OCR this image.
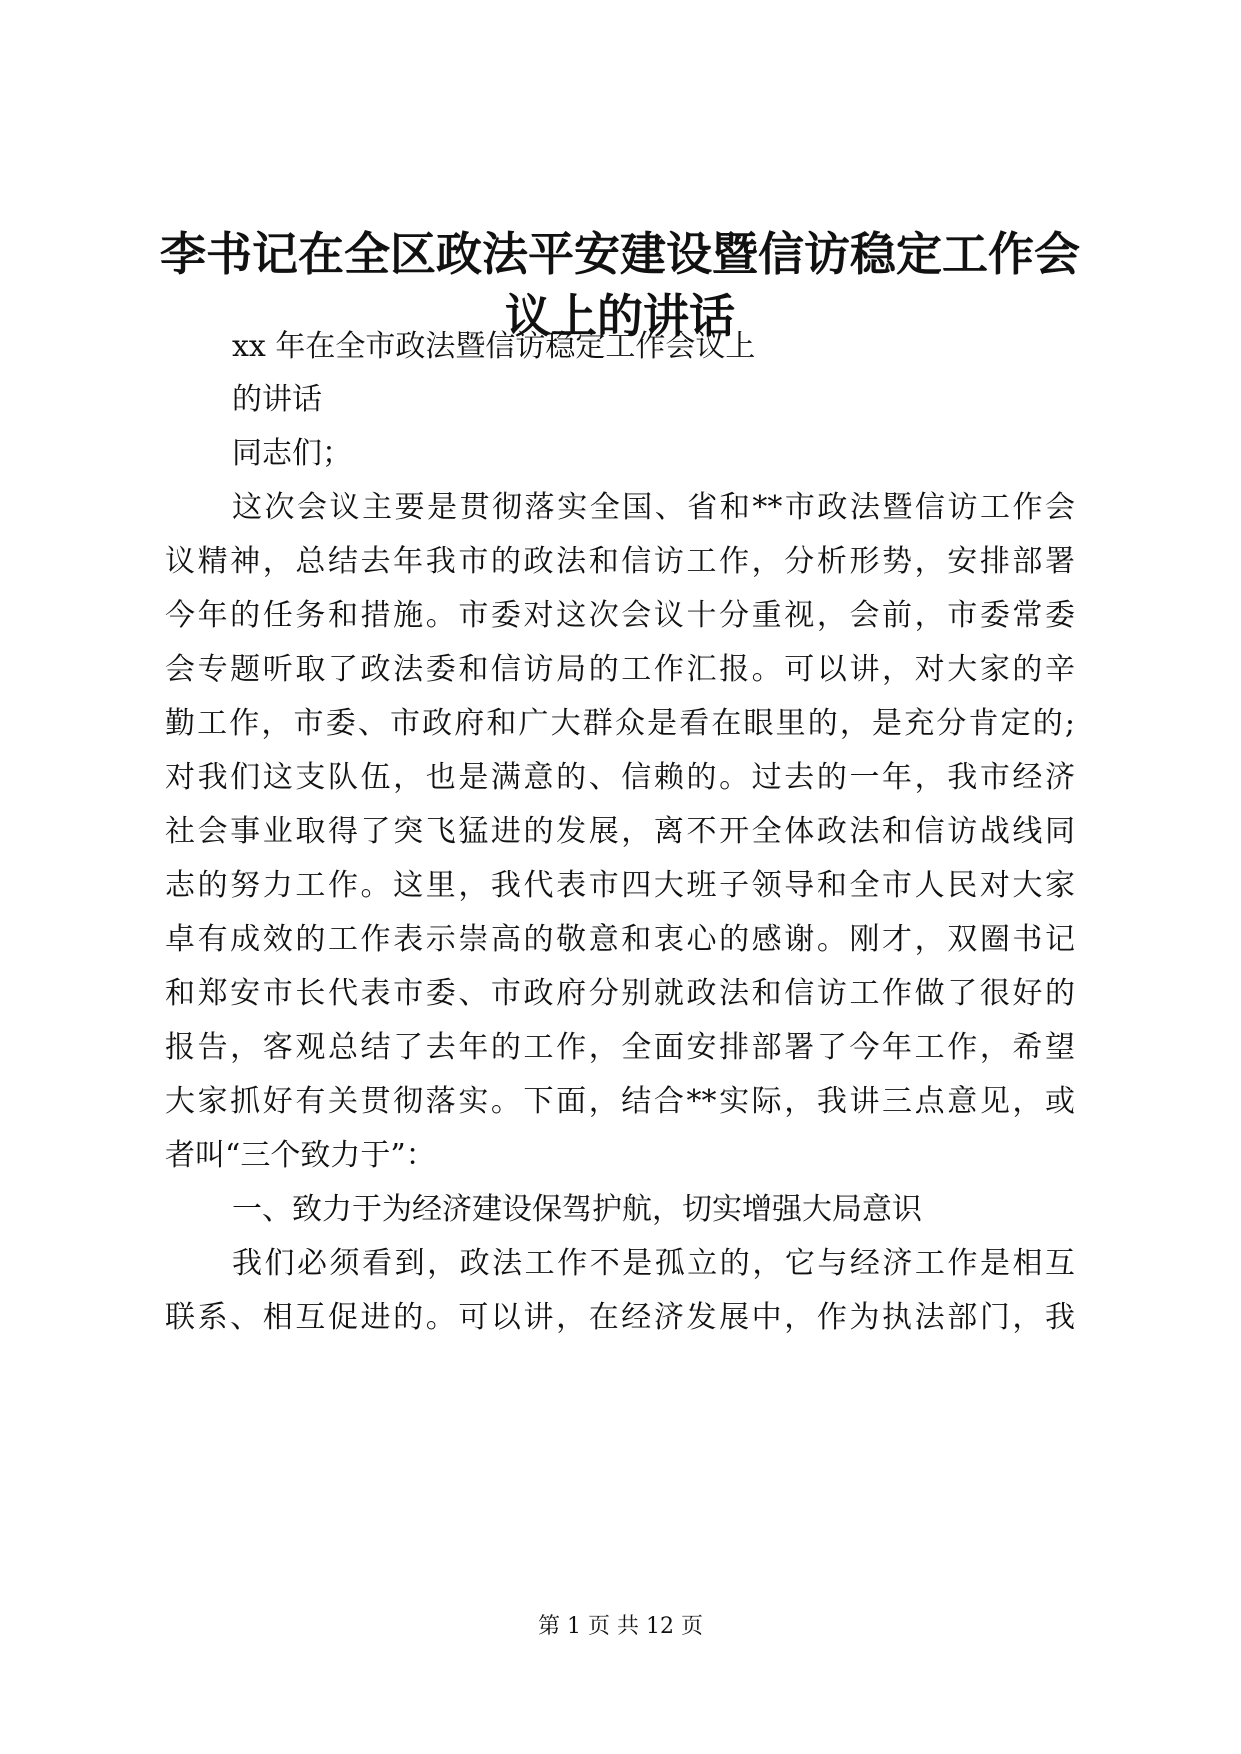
李书记在全区政法平安建设暨信访稳定工作会
议上的讲话

xx 年在全市政法暨信访稳定工作会议上

的讲话

同志们；

这次会议主要是贯彻落实全国、省和**市政法暨信访工作会

议精神，总结去年我市的政法和信访工作，分析形势，安排部署

今年的任务和措施。市委对这次会议十分重视，会前，市委常委

会专题听取了政法委和信访局的工作汇报。可以讲，对大家的辛

勤工作，市委、市政府和广大群众是看在眼里的，是充分肯定的;

对我们这支队伍，也是满意的、信赖的。过去的一年，我市经济

社会事业取得了突飞猛进的发展，离不开全体政法和信访战线同

志的努力工作。这里，我代表市四大班子领导和全市人民对大家

卓有成效的工作表示崇高的敬意和衷心的感谢。刚才，双圈书记

和郑安市长代表市委、市政府分别就政法和信访工作做了很好的

报告，客观总结了去年的工作，全面安排部署了今年工作，希望

大家抓好有关贯彻落实。下面，结合**实际，我讲三点意见，或

者叫“三个致力于”：

一、致力于为经济建设保驾护航，切实增强大局意识

我们必须看到，政法工作不是孤立的，它与经济工作是相互

联系、相互促进的。可以讲，在经济发展中，作为执法部门，我

第 1 页 共 12 页
